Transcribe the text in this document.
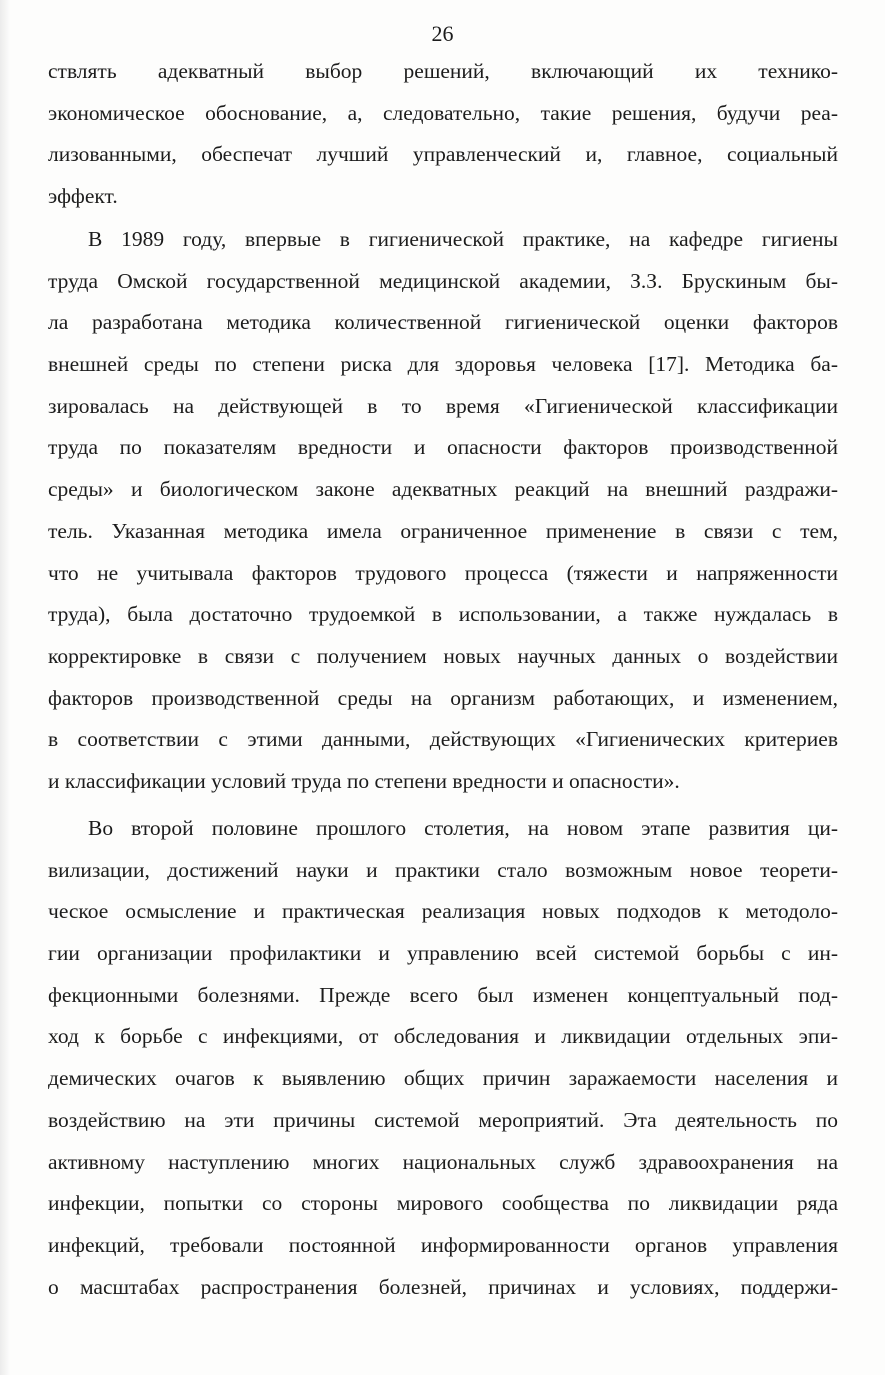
26
ствлять адекватный выбор решений, включающий их технико-
экономическое обоснование, а, следовательно, такие решения, будучи реа-
лизованными, обеспечат лучший управленческий и, главное, социальный
эффект.
В 1989 году, впервые в гигиенической практике, на кафедре гигиены
труда Омской государственной медицинской академии, З.З. Брускиным бы-
ла разработана методика количественной гигиенической оценки факторов
внешней среды по степени риска для здоровья человека [17]. Методика ба-
зировалась на действующей в то время «Гигиенической классификации
труда по показателям вредности и опасности факторов производственной
среды» и биологическом законе адекватных реакций на внешний раздражи-
тель. Указанная методика имела ограниченное применение в связи с тем,
что не учитывала факторов трудового процесса (тяжести и напряженности
труда), была достаточно трудоемкой в использовании, а также нуждалась в
корректировке в связи с получением новых научных данных о воздействии
факторов производственной среды на организм работающих, и изменением,
в соответствии с этими данными, действующих «Гигиенических критериев
и классификации условий труда по степени вредности и опасности».
Во второй половине прошлого столетия, на новом этапе развития ци-
вилизации, достижений науки и практики стало возможным новое теорети-
ческое осмысление и практическая реализация новых подходов к методоло-
гии организации профилактики и управлению всей системой борьбы с ин-
фекционными болезнями. Прежде всего был изменен концептуальный под-
ход к борьбе с инфекциями, от обследования и ликвидации отдельных эпи-
демических очагов к выявлению общих причин заражаемости населения и
воздействию на эти причины системой мероприятий. Эта деятельность по
активному наступлению многих национальных служб здравоохранения на
инфекции, попытки со стороны мирового сообщества по ликвидации ряда
инфекций, требовали постоянной информированности органов управления
о масштабах распространения болезней, причинах и условиях, поддержи-
